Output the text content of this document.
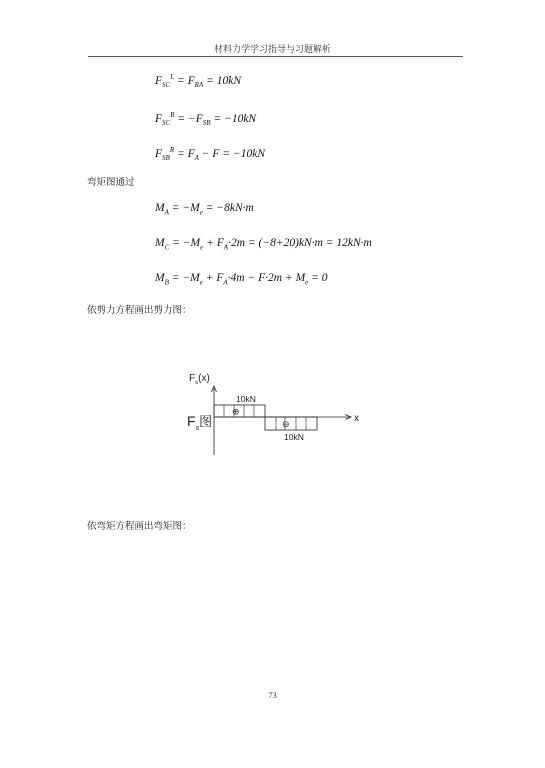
材料力学学习指导与习题解析
$F_{SC}^L = F_{RA} = 10kN$
$F_{SC}^R = -F_{SB} = -10kN$
$F_{SB}^R = F_A - F = -10kN$
弯矩图通过
$M_A = -M_e = -8kN\cdot m$
$M_C = -M_e + F_A\cdot 2m = (-8+20)kN\cdot m = 12kN\cdot m$
$M_B = -M_e + F_A\cdot 4m - F\cdot 2m + M_e = 0$
依剪力方程画出剪力图：
⊕
⊖
10kN
10kN
$F_s(x)$
x
$F_s$图
依弯矩方程画出弯矩图：
73
